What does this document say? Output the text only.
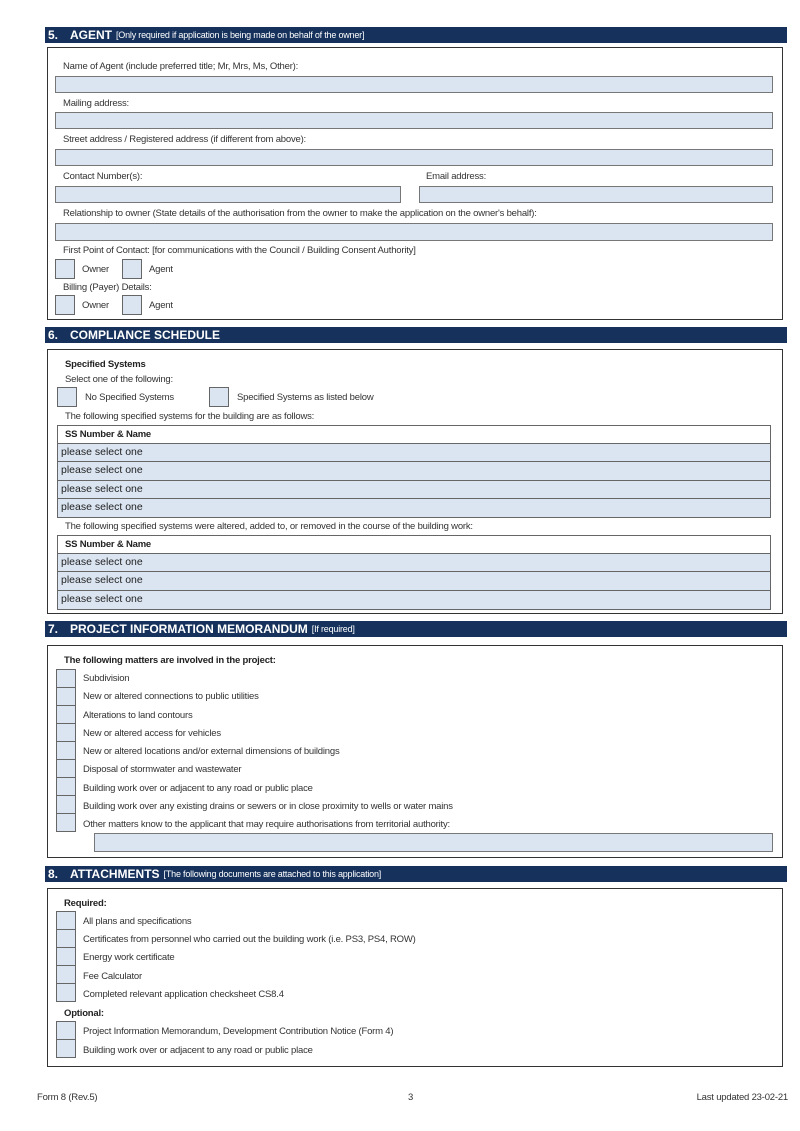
5. AGENT [Only required if application is being made on behalf of the owner]
Name of Agent (include preferred title; Mr, Mrs, Ms, Other):
Mailing address:
Street address / Registered address (if different from above):
Contact Number(s):	Email address:
Relationship to owner (State details of the authorisation from the owner to make the application on the owner's behalf):
First Point of Contact: [for communications with the Council / Building Consent Authority]
Owner	Agent
Billing (Payer) Details:
Owner	Agent
6. COMPLIANCE SCHEDULE
Specified Systems
Select one of the following:
No Specified Systems	Specified Systems as listed below
The following specified systems for the building are as follows:
SS Number & Name
please select one
please select one
please select one
please select one
The following specified systems were altered, added to, or removed in the course of the building work:
SS Number & Name
please select one
please select one
please select one
7. PROJECT INFORMATION MEMORANDUM [If required]
The following matters are involved in the project:
Subdivision
New or altered connections to public utilities
Alterations to land contours
New or altered access for vehicles
New or altered locations and/or external dimensions of buildings
Disposal of stormwater and wastewater
Building work over or adjacent to any road or public place
Building work over any existing drains or sewers or in close proximity to wells or water mains
Other matters know to the applicant that may require authorisations from territorial authority:
8. ATTACHMENTS [The following documents are attached to this application]
Required:
All plans and specifications
Certificates from personnel who carried out the building work (i.e. PS3, PS4, ROW)
Energy work certificate
Fee Calculator
Completed relevant application checksheet CS8.4
Optional:
Project Information Memorandum, Development Contribution Notice (Form 4)
Building work over or adjacent to any road or public place
Form 8 (Rev.5)	3	Last updated 23-02-21
